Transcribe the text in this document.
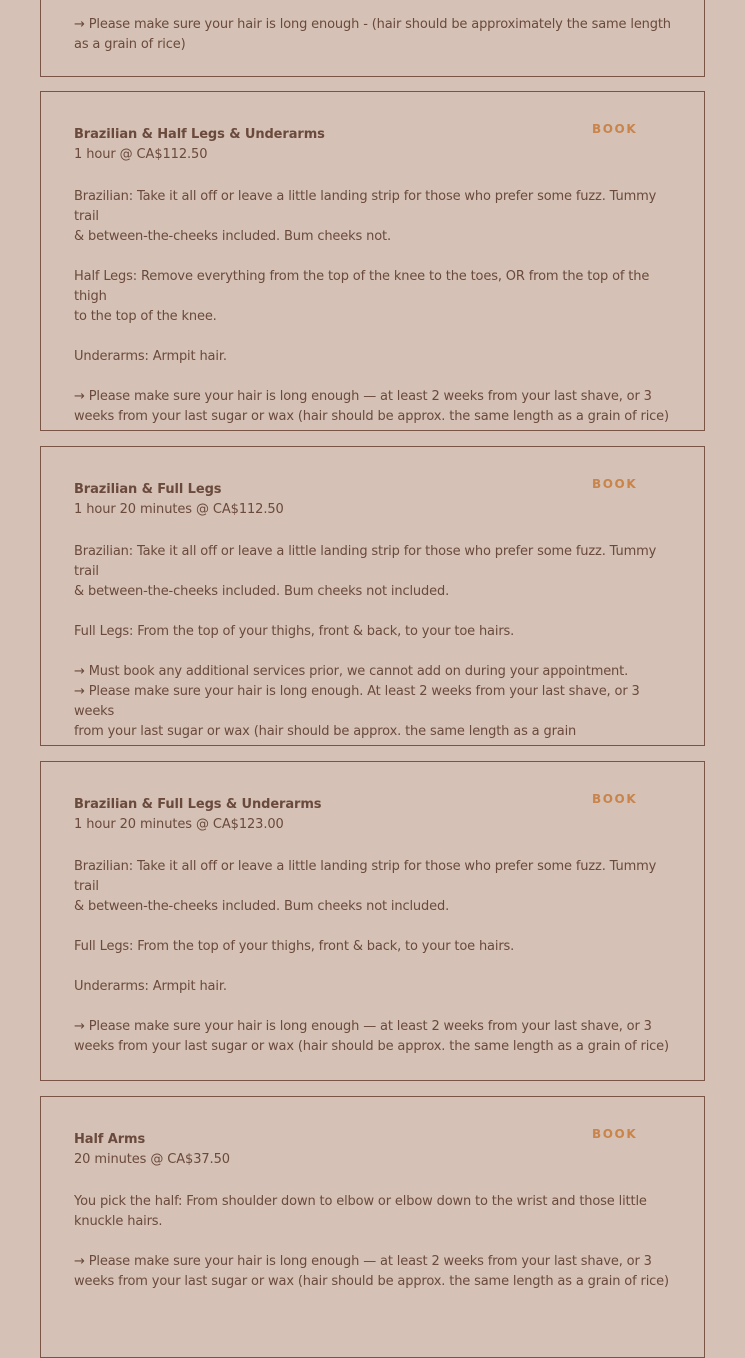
→ Please make sure your hair is long enough - (hair should be approximately the same length
as a grain of rice)

BOOK

Brazilian & Half Legs & Underarms

1 hour @ CA$112.50

Brazilian: Take it all off or leave a little landing strip for those who prefer some fuzz. Tummy trail
& between-the-cheeks included. Bum cheeks not.

Half Legs: Remove everything from the top of the knee to the toes, OR from the top of the thigh
to the top of the knee.

Underarms: Armpit hair.

→ Please make sure your hair is long enough — at least 2 weeks from your last shave, or 3
weeks from your last sugar or wax (hair should be approx. the same length as a grain of rice)

BOOK

Brazilian & Full Legs

1 hour 20 minutes @ CA$112.50

Brazilian: Take it all off or leave a little landing strip for those who prefer some fuzz. Tummy trail
& between-the-cheeks included. Bum cheeks not included.

Full Legs: From the top of your thighs, front & back, to your toe hairs.

→ Must book any additional services prior, we cannot add on during your appointment.
→ Please make sure your hair is long enough. At least 2 weeks from your last shave, or 3 weeks
from your last sugar or wax (hair should be approx. the same length as a grain

BOOK

Brazilian & Full Legs & Underarms

1 hour 20 minutes @ CA$123.00

Brazilian: Take it all off or leave a little landing strip for those who prefer some fuzz. Tummy trail
& between-the-cheeks included. Bum cheeks not included.

Full Legs: From the top of your thighs, front & back, to your toe hairs.

Underarms: Armpit hair.

→ Please make sure your hair is long enough — at least 2 weeks from your last shave, or 3
weeks from your last sugar or wax (hair should be approx. the same length as a grain of rice)

BOOK

Half Arms

20 minutes @ CA$37.50

You pick the half: From shoulder down to elbow or elbow down to the wrist and those little
knuckle hairs.

→ Please make sure your hair is long enough — at least 2 weeks from your last shave, or 3
weeks from your last sugar or wax (hair should be approx. the same length as a grain of rice)
